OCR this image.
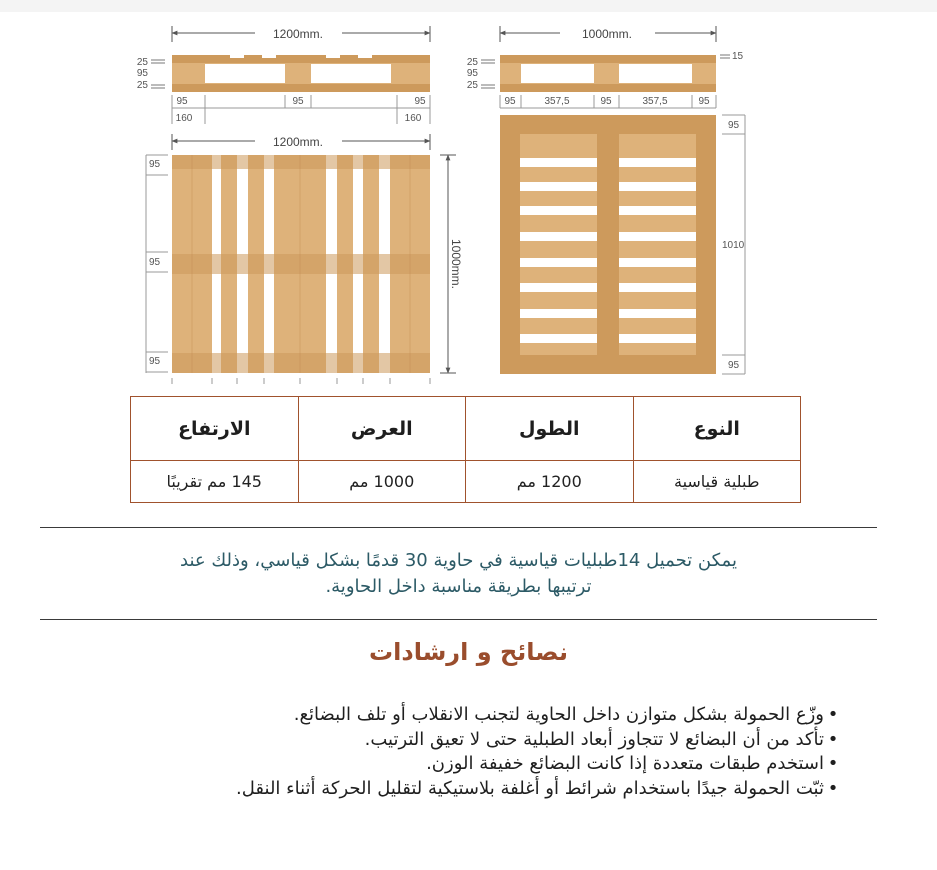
1200mm.
25
95
25
95	95	95
160	160
1000mm.
25
95
25
15
95	357,5	95	357,5	95
1200mm.
1000mm.
95
95
95
95
1010
95
النوع	الطول	العرض	الارتفاع
طبلية قياسية	1200 مم	1000 مم	145 مم تقريبًا
يمكن تحميل 14طبليات قياسية في حاوية 30 قدمًا بشكل قياسي، وذلك عند
ترتيبها بطريقة مناسبة داخل الحاوية.
نصائح و ارشادات
• وزّع الحمولة بشكل متوازن داخل الحاوية لتجنب الانقلاب أو تلف البضائع.
• تأكد من أن البضائع لا تتجاوز أبعاد الطبلية حتى لا تعيق الترتيب.
• استخدم طبقات متعددة إذا كانت البضائع خفيفة الوزن.
• ثبّت الحمولة جيدًا باستخدام شرائط أو أغلفة بلاستيكية لتقليل الحركة أثناء النقل.
